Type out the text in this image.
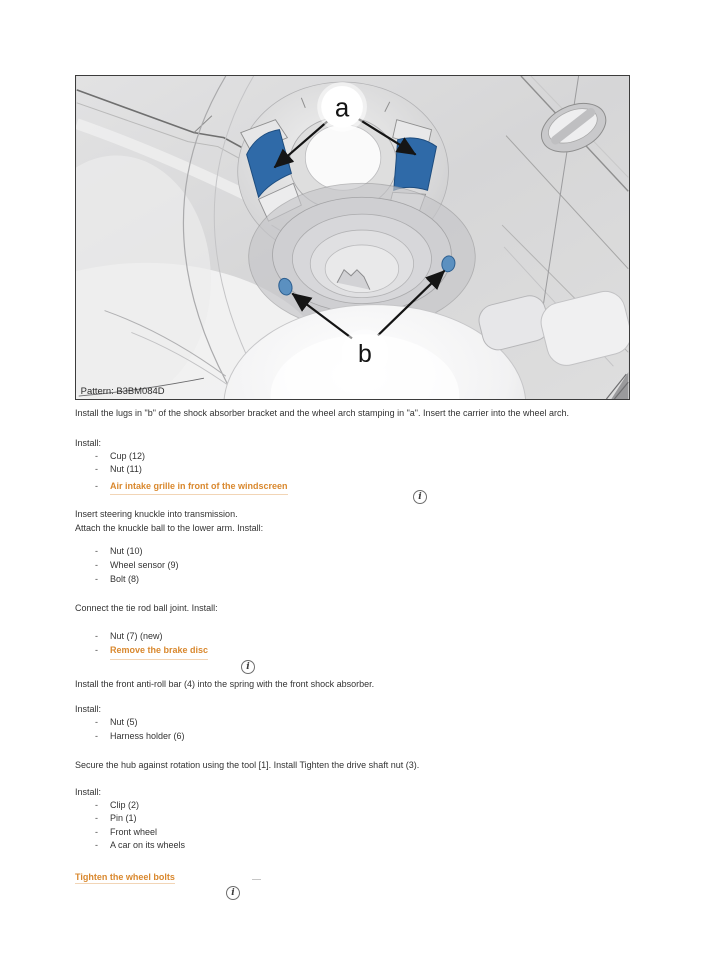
b
a
Pattern: B3BM084D
Install the lugs in "b" of the shock absorber bracket and the wheel arch stamping in "a". Insert the carrier into the wheel arch.
Install:
-
Cup (12)
-
Nut (11)
-
Air intake grille in front of the windscreen
i
Insert steering knuckle into transmission.
Attach the knuckle ball to the lower arm. Install:
-
Nut (10)
-
Wheel sensor (9)
-
Bolt (8)
Connect the tie rod ball joint. Install:
-
Nut (7) (new)
-
Remove the brake disc
i
Install the front anti-roll bar (4) into the spring with the front shock absorber.
Install:
-
Nut (5)
-
Harness holder (6)
Secure the hub against rotation using the tool [1]. Install Tighten the drive shaft nut (3).
Install:
-
Clip (2)
-
Pin (1)
-
Front wheel
-
A car on its wheels
Tighten the wheel bolts
i
